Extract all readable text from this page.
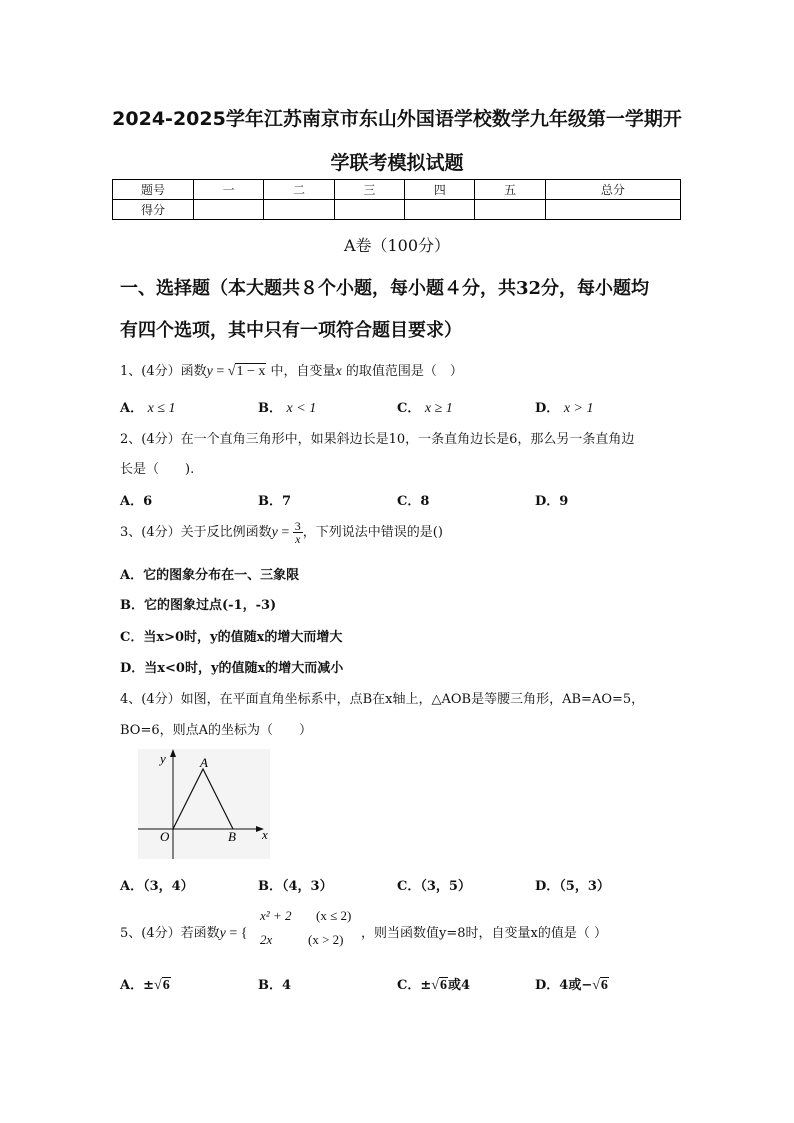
2024-2025学年江苏南京市东山外国语学校数学九年级第一学期开
学联考模拟试题
题号	一	二	三	四	五	总分
得分						
A卷（100分）
一、选择题（本大题共８个小题，每小题４分，共32分，每小题均
有四个选项，其中只有一项符合题目要求）
1、(4分）函数y = √1 − x 中，自变量x 的取值范围是（　）
A． x ≤ 1	B． x < 1	C． x ≥ 1	D． x > 1
2、(4分）在一个直角三角形中，如果斜边长是10，一条直角边长是6，那么另一条直角边
长是（　　).
A．6	B．7	C．8	D．9
3、(4分）关于反比例函数$y = \frac{3}{x}$ ，下列说法中错误的是()
A．它的图象分布在一、三象限
B．它的图象过点(-1，-3)
C．当x>0时，y的值随x的增大而增大
D．当x<0时，y的值随x的增大而减小
4、(4分）如图，在平面直角坐标系中，点B在x轴上，△AOB是等腰三角形，AB=AO=5，
BO=6，则点A的坐标为（　　）
y
x
A
O	B
A．（3，4）	B．（4，3）	C．（3，5）	D．（5，3）
5、(4分）若函数y = {
x² + 2 (x ≤ 2)
2x	(x > 2) ，则当函数值y=8时，自变量x的值是（ ）
A．±√6	B．4	C．±√6或4	D．4或−√6
